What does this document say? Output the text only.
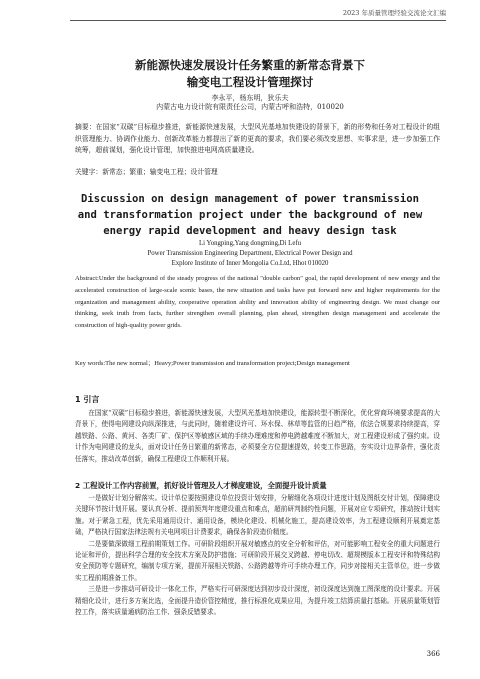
2023 年质量管理经验交流论文汇编
新能源快速发展设计任务繁重的新常态背景下
输变电工程设计管理探讨
李永平，杨东明，狄乐夫
内蒙古电力设计院有限责任公司，内蒙古呼和浩特，010020
摘要：在国家“双碳”目标稳步推进，新能源快速发展，大型风光基地加快建设的背景下，新的形势和任务对工程设计的组织管理能力、协调作业能力、创新改革能力都提出了新的更高的要求，我们要必须改变思想、实事求是，进一步加强工作统筹，超前谋划，强化设计管理，加快推进电网高质量建设。
关键字：新常态；繁重；输变电工程；设计管理
Discussion on design management of power transmission
and transformation project under the background of new
energy rapid development and heavy design task
Li Yongping,Yang dongming,Di Lefu
Power Transmission Engineering Department, Electrical Power Design and
Explore Institute of Inner Mongolia Co.Ltd, Hhot 010020
Abstract:Under the background of the steady progress of the national "double carbon" goal, the rapid development of new energy and the accelerated construction of large-scale scenic bases, the new situation and tasks have put forward new and higher requirements for the organization and management ability, cooperative operation ability and innovation ability of engineering design. We must change our thinking, seek truth from facts, further strengthen overall planning, plan ahead, strengthen design management and accelerate the construction of high-quality power grids.
Key words:The new normal；Heavy;Power transmission and transformation project;Design management
1 引言

在国家“双碳”目标稳步推进，新能源快速发展，大型风光基地加快建设，能源转型不断深化，优化营商环境要求提高的大背景下，使得电网建设向纵深推进，与此同时，随着建设许可、环水保、林草等监管的日趋严格，依法合规要求持续提高，穿越铁路、公路、黄河、各类厂矿、保护区等敏感区域的手续办理难度和停电跨越难度不断加大，对工程建设形成了强约束。设计作为电网建设的龙头，面对设计任务日繁重的新常态，必须要全方位提速提效，转变工作思路，夯实设计边界条件，强化责任落实，推动改革创新，确保工程建设工作顺利开展。

2 工程设计工作内容前置，抓好设计管理及人才梯度建设，全面提升设计质量

一是做好计划分解落实。设计单位要按照建设单位投资计划安排，分解细化各项设计进度计划及图纸交付计划，保障建设关键环节按计划开展。要认真分析、提前预判年度建设重点和难点，超前研判制约性问题，开展对应专项研究，推动按计划实施。对于紧急工程，优先采用通用设计、通用设备，模块化建设、机械化施工，提高建设效率，为工程建设顺利开展奠定基础，严格执行国家法律法规有关电网项目计费要求，确保各阶段造价精度。

二是要做深做细工程前期策划工作。可研阶段组织开展对敏感点的安全分析和评估，对可能影响工程安全的重大问题进行论证和评价，提出科学合理的安全技术方案及防护措施；可研阶段开展交叉跨越、停电切改、超规模版本工程安评和特殊结构安全预防等专题研究，编制专项方案，提前开展相关铁路、公路跨越等许可手续办理工作，同步对接相关主管单位，进一步做实工程前期准备工作。

三是进一步推动可研设计一体化工作，严格实行可研深度达到初步设计深度，初设深度达到施工图深度的设计要求。开展精细化设计，进行多方案比选，全面提升造价管控精度，推行标准化成果应用，为提升竣工结算质量打基础。开展质量策划管控工作，落实质量通病防治工作、强条反错要求。

366
